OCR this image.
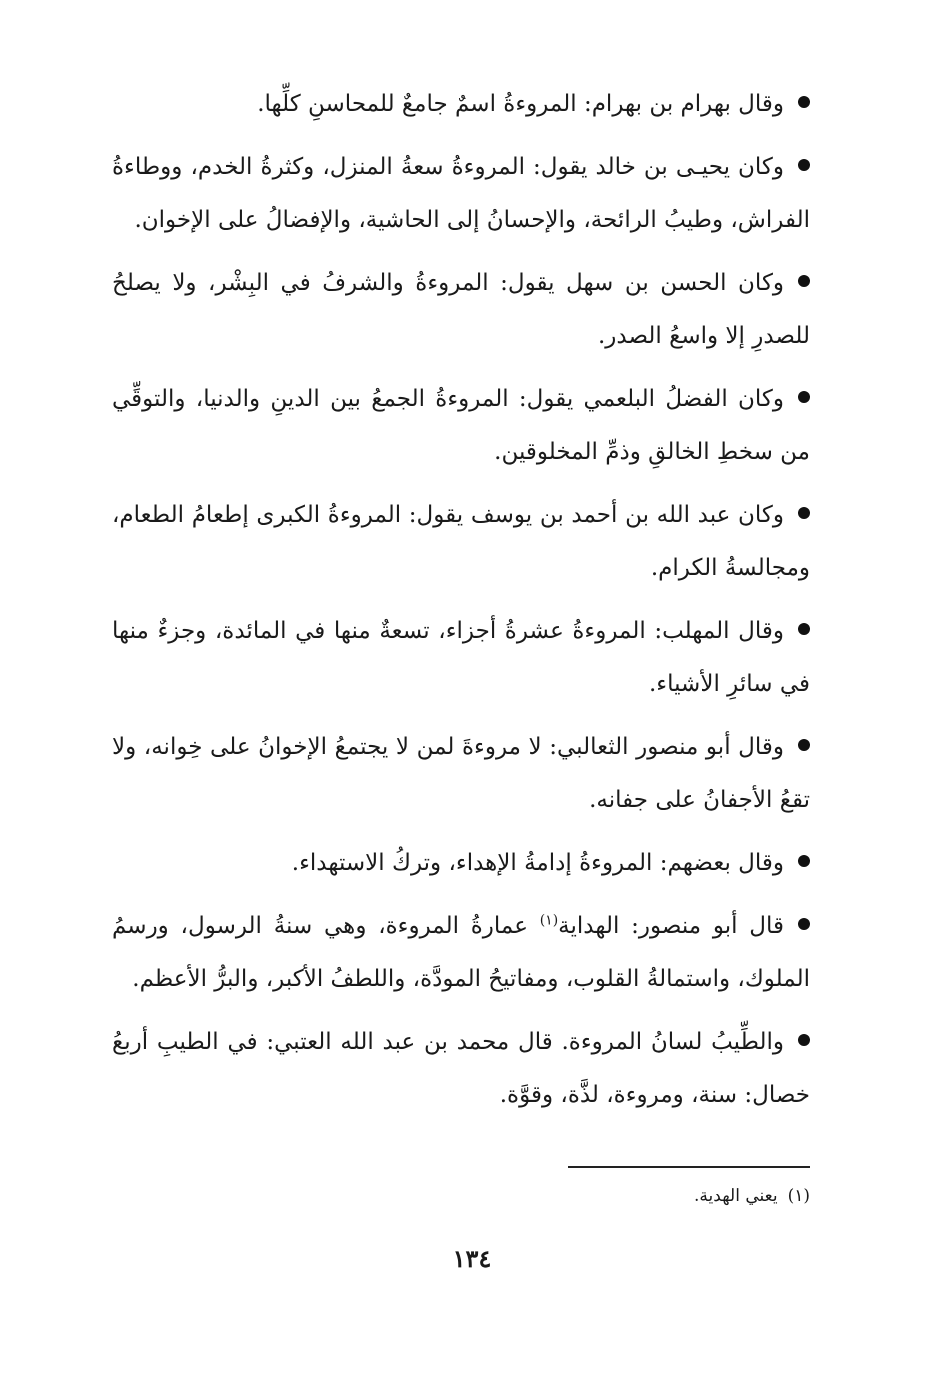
وقال بهرام بن بهرام: المروءةُ اسمٌ جامعٌ للمحاسنِ كلِّها.

وكان يحيـى بن خالد يقول: المروءةُ سعةُ المنزل، وكثرةُ الخدم، ووطاءةُ الفراش، وطيبُ الرائحة، والإحسانُ إلى الحاشية، والإفضالُ على الإخوان.

وكان الحسن بن سهل يقول: المروءةُ والشرفُ في البِشْر، ولا يصلحُ للصدرِ إلا واسعُ الصدر.

وكان الفضلُ البلعمي يقول: المروءةُ الجمعُ بين الدينِ والدنيا، والتوقِّي من سخطِ الخالقِ وذمِّ المخلوقين.

وكان عبد الله بن أحمد بن يوسف يقول: المروءةُ الكبرى إطعامُ الطعام، ومجالسةُ الكرام.

وقال المهلب: المروءةُ عشرةُ أجزاء، تسعةٌ منها في المائدة، وجزءٌ منها في سائرِ الأشياء.

وقال أبو منصور الثعالبي: لا مروءةَ لمن لا يجتمعُ الإخوانُ على خِوانه، ولا تقعُ الأجفانُ على جفانه.

وقال بعضهم: المروءةُ إدامةُ الإهداء، وتركُ الاستهداء.

قال أبو منصور: الهداية$^{(١)}$ عمارةُ المروءة، وهي سنةُ الرسول، ورسمُ الملوك، واستمالةُ القلوب، ومفاتيحُ المودَّة، واللطفُ الأكبر، والبرُّ الأعظم.

والطِّيبُ لسانُ المروءة. قال محمد بن عبد الله العتبي: في الطيبِ أربعُ خصال: سنة، ومروءة، لذَّة، وقوَّة.

(١)يعني الهدية.
١٣٤
